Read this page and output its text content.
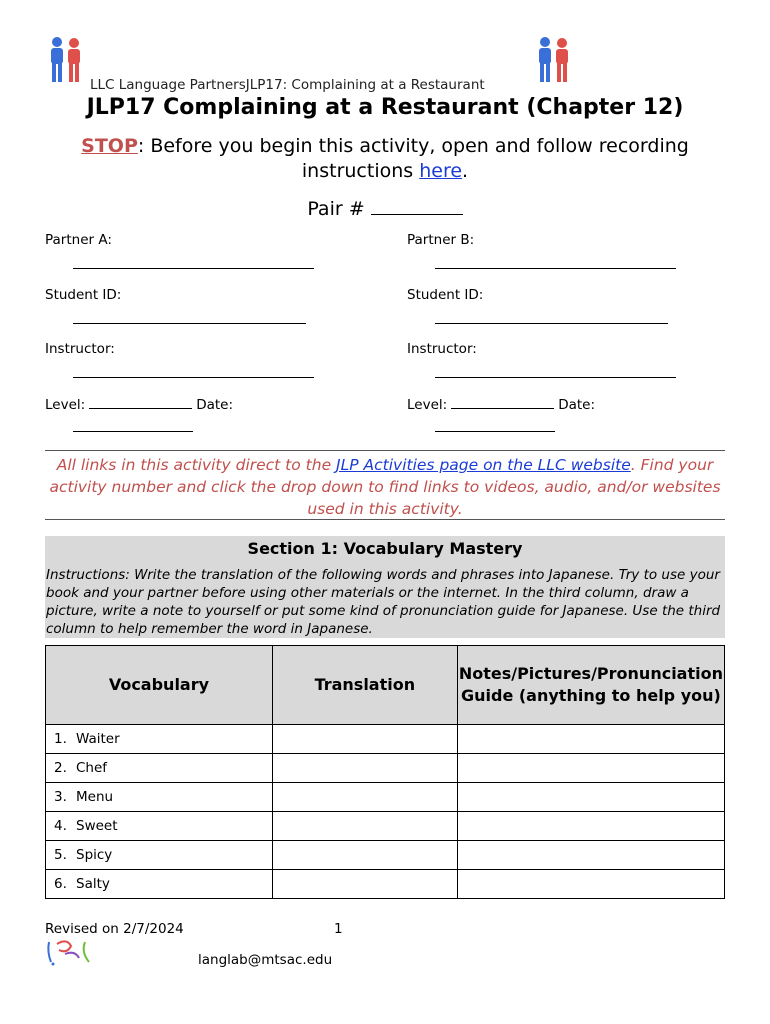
LLC Language PartnersJLP17: Complaining at a Restaurant
JLP17 Complaining at a Restaurant (Chapter 12)
STOP: Before you begin this activity, open and follow recording
instructions here.
Pair #
Partner A:
Student ID:
Instructor:
Level:	Date:
Partner B:
Student ID:
Instructor:
Level:	Date:
All links in this activity direct to the JLP Activities page on the LLC website. Find your activity number and click the drop down to find links to videos, audio, and/or websites used in this activity.
Section 1: Vocabulary Mastery
Instructions: Write the translation of the following words and phrases into Japanese. Try to use your book and your partner before using other materials or the internet. In the third column, draw a picture, write a note to yourself or put some kind of pronunciation guide for Japanese. Use the third column to help remember the word in Japanese.
Vocabulary	Translation	Notes/Pictures/Pronunciation Guide (anything to help you)
1. Waiter		
2. Chef		
3. Menu		
4. Sweet		
5. Spicy		
6. Salty		
Revised on 2/7/2024	1
langlab@mtsac.edu
